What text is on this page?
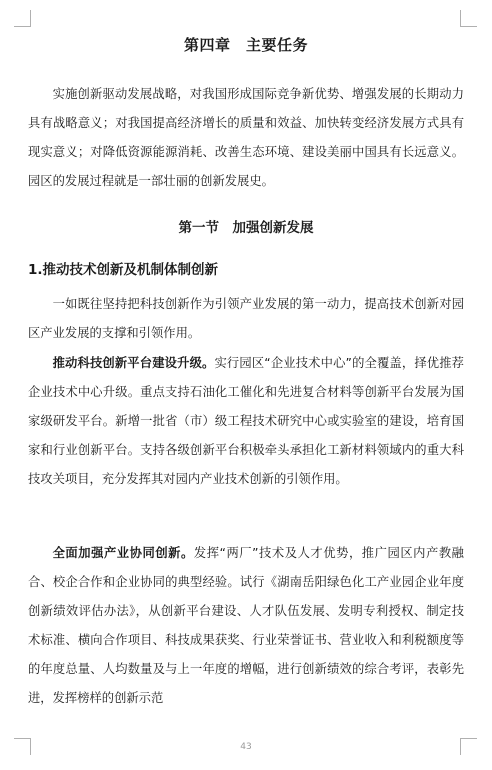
第四章　主要任务

实施创新驱动发展战略，对我国形成国际竞争新优势、增强发展的长期动力具有战略意义；对我国提高经济增长的质量和效益、加快转变经济发展方式具有现实意义；对降低资源能源消耗、改善生态环境、建设美丽中国具有长远意义。园区的发展过程就是一部壮丽的创新发展史。

第一节　加强创新发展
1.推动技术创新及机制体制创新

一如既往坚持把科技创新作为引领产业发展的第一动力，提高技术创新对园区产业发展的支撑和引领作用。

推动科技创新平台建设升级。实行园区“企业技术中心”的全覆盖，择优推荐企业技术中心升级。重点支持石油化工催化和先进复合材料等创新平台发展为国家级研发平台。新增一批省（市）级工程技术研究中心或实验室的建设，培育国家和行业创新平台。支持各级创新平台积极牵头承担化工新材料领域内的重大科技攻关项目，充分发挥其对园内产业技术创新的引领作用。

全面加强产业协同创新。发挥“两厂”技术及人才优势，推广园区内产教融合、校企合作和企业协同的典型经验。试行《湖南岳阳绿色化工产业园企业年度创新绩效评估办法》，从创新平台建设、人才队伍发展、发明专利授权、制定技术标准、横向合作项目、科技成果获奖、行业荣誉证书、营业收入和利税额度等的年度总量、人均数量及与上一年度的增幅，进行创新绩效的综合考评，表彰先进，发挥榜样的创新示范

43
